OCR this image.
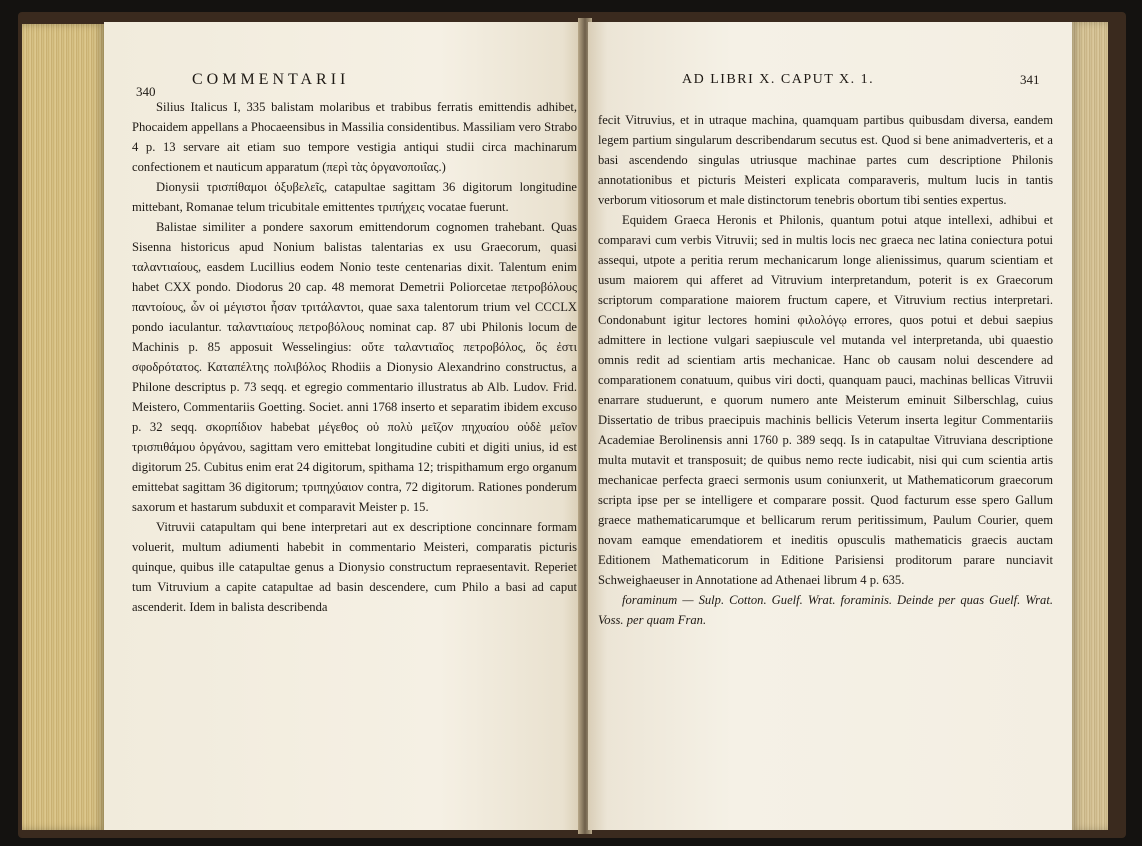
340
COMMENTARII

Silius Italicus I, 335 balistam molaribus et trabibus ferratis emittendis adhibet, Phocaidem appellans a Phocaeensibus in Massilia considentibus. Massiliam vero Strabo 4 p. 13 servare ait etiam suo tempore vestigia antiqui studii circa machinarum confectionem et nauticum apparatum (περὶ τὰς ὀργανοποιΐας.)

Dionysii τρισπίθαμοι ὀξυβελεῖς, catapultae sagittam 36 digitorum longitudine mittebant, Romanae telum tricubitale emittentes τριπήχεις vocatae fuerunt.

Balistae similiter a pondere saxorum emittendorum cognomen trahebant. Quas Sisenna historicus apud Nonium balistas talentarias ex usu Graecorum, quasi ταλαντιαίους, easdem Lucillius eodem Nonio teste centenarias dixit. Talentum enim habet CXX pondo. Diodorus 20 cap. 48 memorat Demetrii Poliorcetae πετροβόλους παντοίους, ὧν οἱ μέγιστοι ἦσαν τριτάλαντοι, quae saxa talentorum trium vel CCCLX pondo iaculantur. ταλαντιαίους πετροβόλους nominat cap. 87 ubi Philonis locum de Machinis p. 85 apposuit Wesselingius: οὔτε ταλαντιαῖος πετροβόλος, ὅς ἐστι σφοδρότατος. Καταπέλτης πολιβόλος Rhodiis a Dionysio Alexandrino constructus, a Philone descriptus p. 73 seqq. et egregio commentario illustratus ab Alb. Ludov. Frid. Meistero, Commentariis Goetting. Societ. anni 1768 inserto et separatim ibidem excuso p. 32 seqq. σκορπίδιον habebat μέγεθος οὐ πολὺ μεῖζον πηχυαίου οὐδὲ μεῖον τρισπιθάμου ὀργάνου, sagittam vero emittebat longitudine cubiti et digiti unius, id est digitorum 25. Cubitus enim erat 24 digitorum, spithama 12; trispithamum ergo organum emittebat sagittam 36 digitorum; τριπηχύαιον contra, 72 digitorum. Rationes ponderum saxorum et hastarum subduxit et comparavit Meister p. 15.

Vitruvii catapultam qui bene interpretari aut ex descriptione concinnare formam voluerit, multum adiumenti habebit in commentario Meisteri, comparatis picturis quinque, quibus ille catapultae genus a Dionysio constructum repraesentavit. Reperiet tum Vitruvium a capite catapultae ad basin descendere, cum Philo a basi ad caput ascenderit. Idem in balista describenda

AD LIBRI X. CAPUT X. 1.	341

fecit Vitruvius, et in utraque machina, quamquam partibus quibusdam diversa, eandem legem partium singularum describendarum secutus est. Quod si bene animadverteris, et a basi ascendendo singulas utriusque machinae partes cum descriptione Philonis annotationibus et picturis Meisteri explicata comparaveris, multum lucis in tantis verborum vitiosorum et male distinctorum tenebris obortum tibi senties expertus.

Equidem Graeca Heronis et Philonis, quantum potui atque intellexi, adhibui et comparavi cum verbis Vitruvii; sed in multis locis nec graeca nec latina coniectura potui assequi, utpote a peritia rerum mechanicarum longe alienissimus, quarum scientiam et usum maiorem qui afferet ad Vitruvium interpretandum, poterit is ex Graecorum scriptorum comparatione maiorem fructum capere, et Vitruvium rectius interpretari. Condonabunt igitur lectores homini φιλολόγῳ errores, quos potui et debui saepius admittere in lectione vulgari saepiuscule vel mutanda vel interpretanda, ubi quaestio omnis redit ad scientiam artis mechanicae. Hanc ob causam nolui descendere ad comparationem conatuum, quibus viri docti, quanquam pauci, machinas bellicas Vitruvii enarrare studuerunt, e quorum numero ante Meisterum eminuit Silberschlag, cuius Dissertatio de tribus praecipuis machinis bellicis Veterum inserta legitur Commentariis Academiae Berolinensis anni 1760 p. 389 seqq. Is in catapultae Vitruviana descriptione multa mutavit et transposuit; de quibus nemo recte iudicabit, nisi qui cum scientia artis mechanicae perfecta graeci sermonis usum coniunxerit, ut Mathematicorum graecorum scripta ipse per se intelligere et comparare possit. Quod facturum esse spero Gallum graece mathematicarumque et bellicarum rerum peritissimum, Paulum Courier, quem novam eamque emendatiorem et ineditis opusculis mathematicis graecis auctam Editionem Mathematicorum in Editione Parisiensi proditorum parare nunciavit Schweighaeuser in Annotatione ad Athenaei librum 4 p. 635.

foraminum — Sulp. Cotton. Guelf. Wrat. foraminis. Deinde per quas Guelf. Wrat. Voss. per quam Fran.
